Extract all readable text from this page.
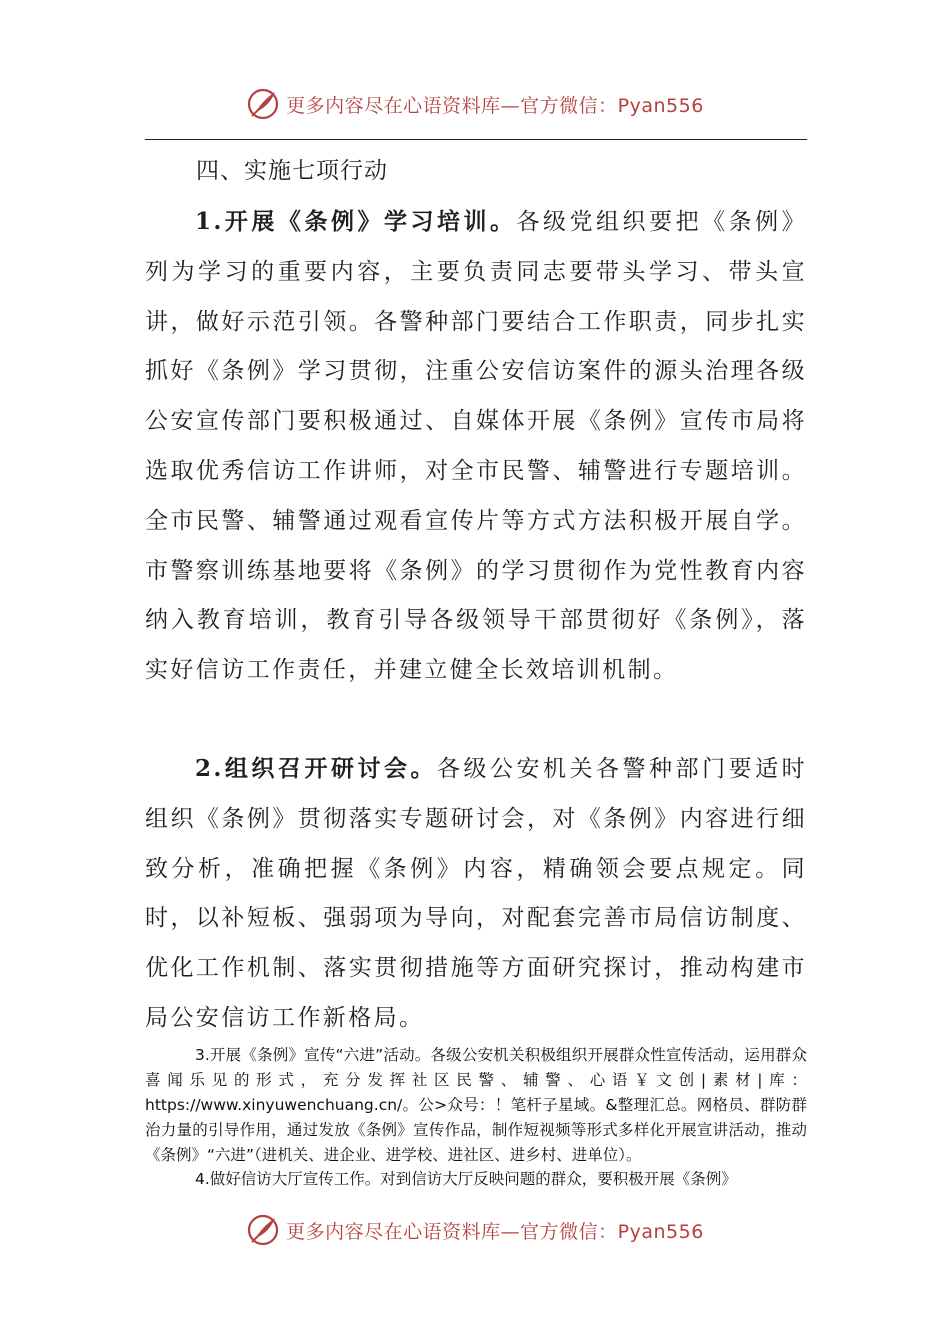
更多内容尽在心语资料库—官方微信：Pyan556
四、实施七项行动
1.开展《条例》学习培训。各级党组织要把《条例》列为学习的重要内容，主要负责同志要带头学习、带头宣讲，做好示范引领。各警种部门要结合工作职责，同步扎实抓好《条例》学习贯彻，注重公安信访案件的源头治理各级公安宣传部门要积极通过、自媒体开展《条例》宣传市局将选取优秀信访工作讲师，对全市民警、辅警进行专题培训。全市民警、辅警通过观看宣传片等方式方法积极开展自学。市警察训练基地要将《条例》的学习贯彻作为党性教育内容纳入教育培训，教育引导各级领导干部贯彻好《条例》，落实好信访工作责任，并建立健全长效培训机制。
2.组织召开研讨会。各级公安机关各警种部门要适时组织《条例》贯彻落实专题研讨会，对《条例》内容进行细致分析，准确把握《条例》内容，精确领会要点规定。同时，以补短板、强弱项为导向，对配套完善市局信访制度、优化工作机制、落实贯彻措施等方面研究探讨，推动构建市局公安信访工作新格局。
3.开展《条例》宣传“六进”活动。各级公安机关积极组织开展群众性宣传活动，运用群众喜闻乐见的形式，充分发挥社区民警、辅警、心语￥文创|素材|库：https://www.xinyuwenchuang.cn/。公>众号：！笔杆子星域。&整理汇总。网格员、群防群治力量的引导作用，通过发放《条例》宣传作品，制作短视频等形式多样化开展宣讲活动，推动《条例》“六进”（进机关、进企业、进学校、进社区、进乡村、进单位）。
4.做好信访大厅宣传工作。对到信访大厅反映问题的群众，要积极开展《条例》
更多内容尽在心语资料库—官方微信：Pyan556
